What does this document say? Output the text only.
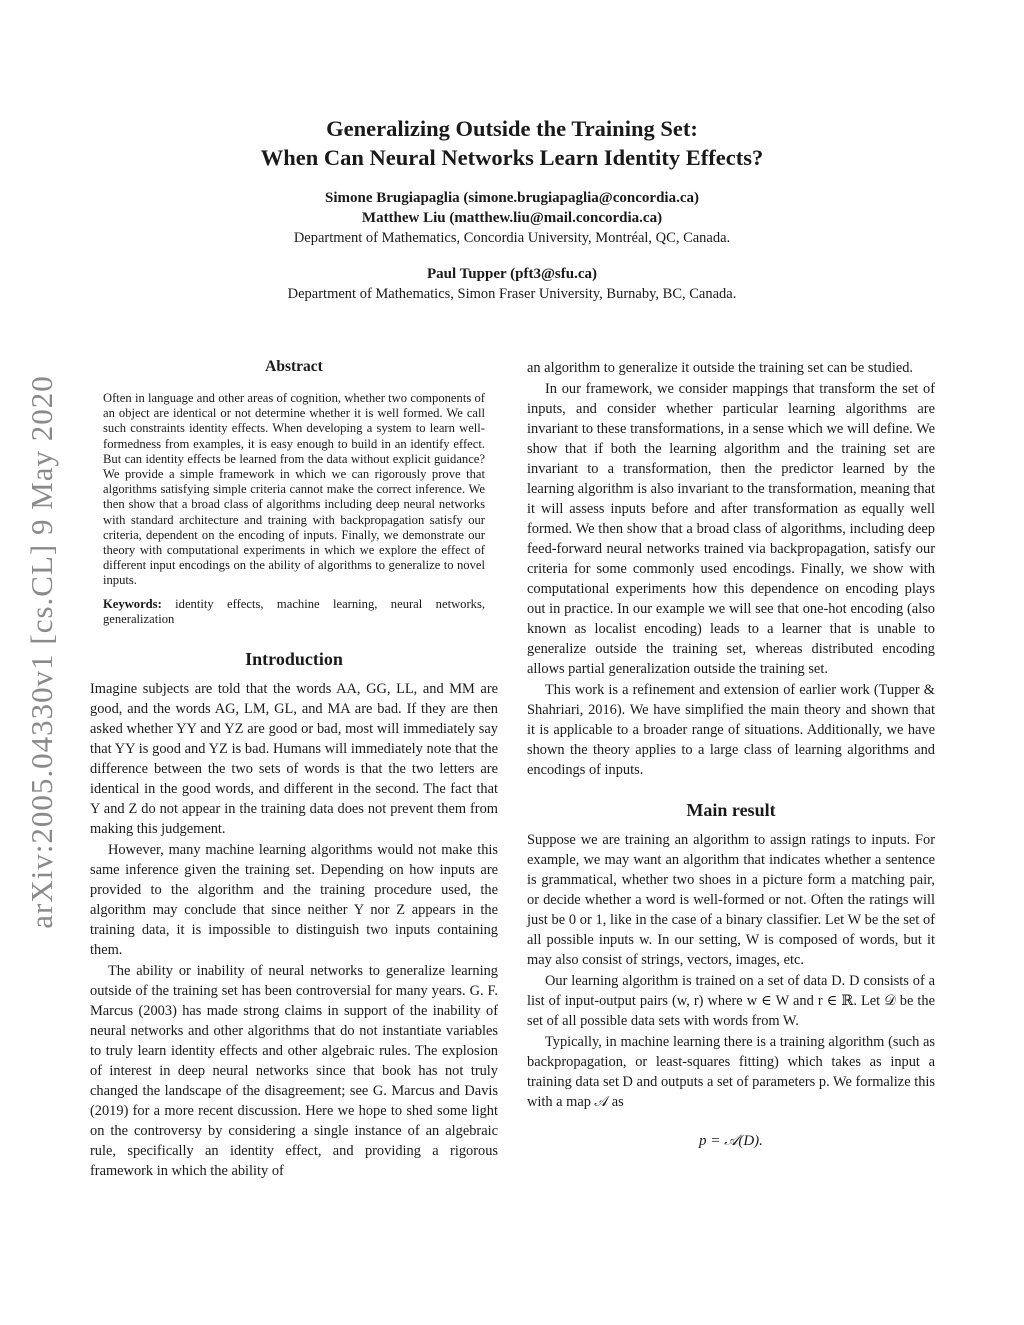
arXiv:2005.04330v1 [cs.CL] 9 May 2020
Generalizing Outside the Training Set:
When Can Neural Networks Learn Identity Effects?
Simone Brugiapaglia (simone.brugiapaglia@concordia.ca)
Matthew Liu (matthew.liu@mail.concordia.ca)
Department of Mathematics, Concordia University, Montréal, QC, Canada.
Paul Tupper (pft3@sfu.ca)
Department of Mathematics, Simon Fraser University, Burnaby, BC, Canada.
Abstract

Often in language and other areas of cognition, whether two components of an object are identical or not determine whether it is well formed. We call such constraints identity effects. When developing a system to learn well-formedness from examples, it is easy enough to build in an identify effect. But can identity effects be learned from the data without explicit guidance? We provide a simple framework in which we can rigorously prove that algorithms satisfying simple criteria cannot make the correct inference. We then show that a broad class of algorithms including deep neural networks with standard architecture and training with backpropagation satisfy our criteria, dependent on the encoding of inputs. Finally, we demonstrate our theory with computational experiments in which we explore the effect of different input encodings on the ability of algorithms to generalize to novel inputs.

Keywords: identity effects, machine learning, neural networks, generalization

Introduction

Imagine subjects are told that the words AA, GG, LL, and MM are good, and the words AG, LM, GL, and MA are bad. If they are then asked whether YY and YZ are good or bad, most will immediately say that YY is good and YZ is bad. Humans will immediately note that the difference between the two sets of words is that the two letters are identical in the good words, and different in the second. The fact that Y and Z do not appear in the training data does not prevent them from making this judgement.

However, many machine learning algorithms would not make this same inference given the training set. Depending on how inputs are provided to the algorithm and the training procedure used, the algorithm may conclude that since neither Y nor Z appears in the training data, it is impossible to distinguish two inputs containing them.

The ability or inability of neural networks to generalize learning outside of the training set has been controversial for many years. G. F. Marcus (2003) has made strong claims in support of the inability of neural networks and other algorithms that do not instantiate variables to truly learn identity effects and other algebraic rules. The explosion of interest in deep neural networks since that book has not truly changed the landscape of the disagreement; see G. Marcus and Davis (2019) for a more recent discussion. Here we hope to shed some light on the controversy by considering a single instance of an algebraic rule, specifically an identity effect, and providing a rigorous framework in which the ability of

an algorithm to generalize it outside the training set can be studied.

In our framework, we consider mappings that transform the set of inputs, and consider whether particular learning algorithms are invariant to these transformations, in a sense which we will define. We show that if both the learning algorithm and the training set are invariant to a transformation, then the predictor learned by the learning algorithm is also invariant to the transformation, meaning that it will assess inputs before and after transformation as equally well formed. We then show that a broad class of algorithms, including deep feed-forward neural networks trained via backpropagation, satisfy our criteria for some commonly used encodings. Finally, we show with computational experiments how this dependence on encoding plays out in practice. In our example we will see that one-hot encoding (also known as localist encoding) leads to a learner that is unable to generalize outside the training set, whereas distributed encoding allows partial generalization outside the training set.

This work is a refinement and extension of earlier work (Tupper & Shahriari, 2016). We have simplified the main theory and shown that it is applicable to a broader range of situations. Additionally, we have shown the theory applies to a large class of learning algorithms and encodings of inputs.

Main result

Suppose we are training an algorithm to assign ratings to inputs. For example, we may want an algorithm that indicates whether a sentence is grammatical, whether two shoes in a picture form a matching pair, or decide whether a word is well-formed or not. Often the ratings will just be 0 or 1, like in the case of a binary classifier. Let W be the set of all possible inputs w. In our setting, W is composed of words, but it may also consist of strings, vectors, images, etc.

Our learning algorithm is trained on a set of data D. D consists of a list of input-output pairs (w, r) where w ∈ W and r ∈ ℝ. Let 𝒟 be the set of all possible data sets with words from W.

Typically, in machine learning there is a training algorithm (such as backpropagation, or least-squares fitting) which takes as input a training data set D and outputs a set of parameters p. We formalize this with a map 𝒜 as

p = 𝒜(D).
